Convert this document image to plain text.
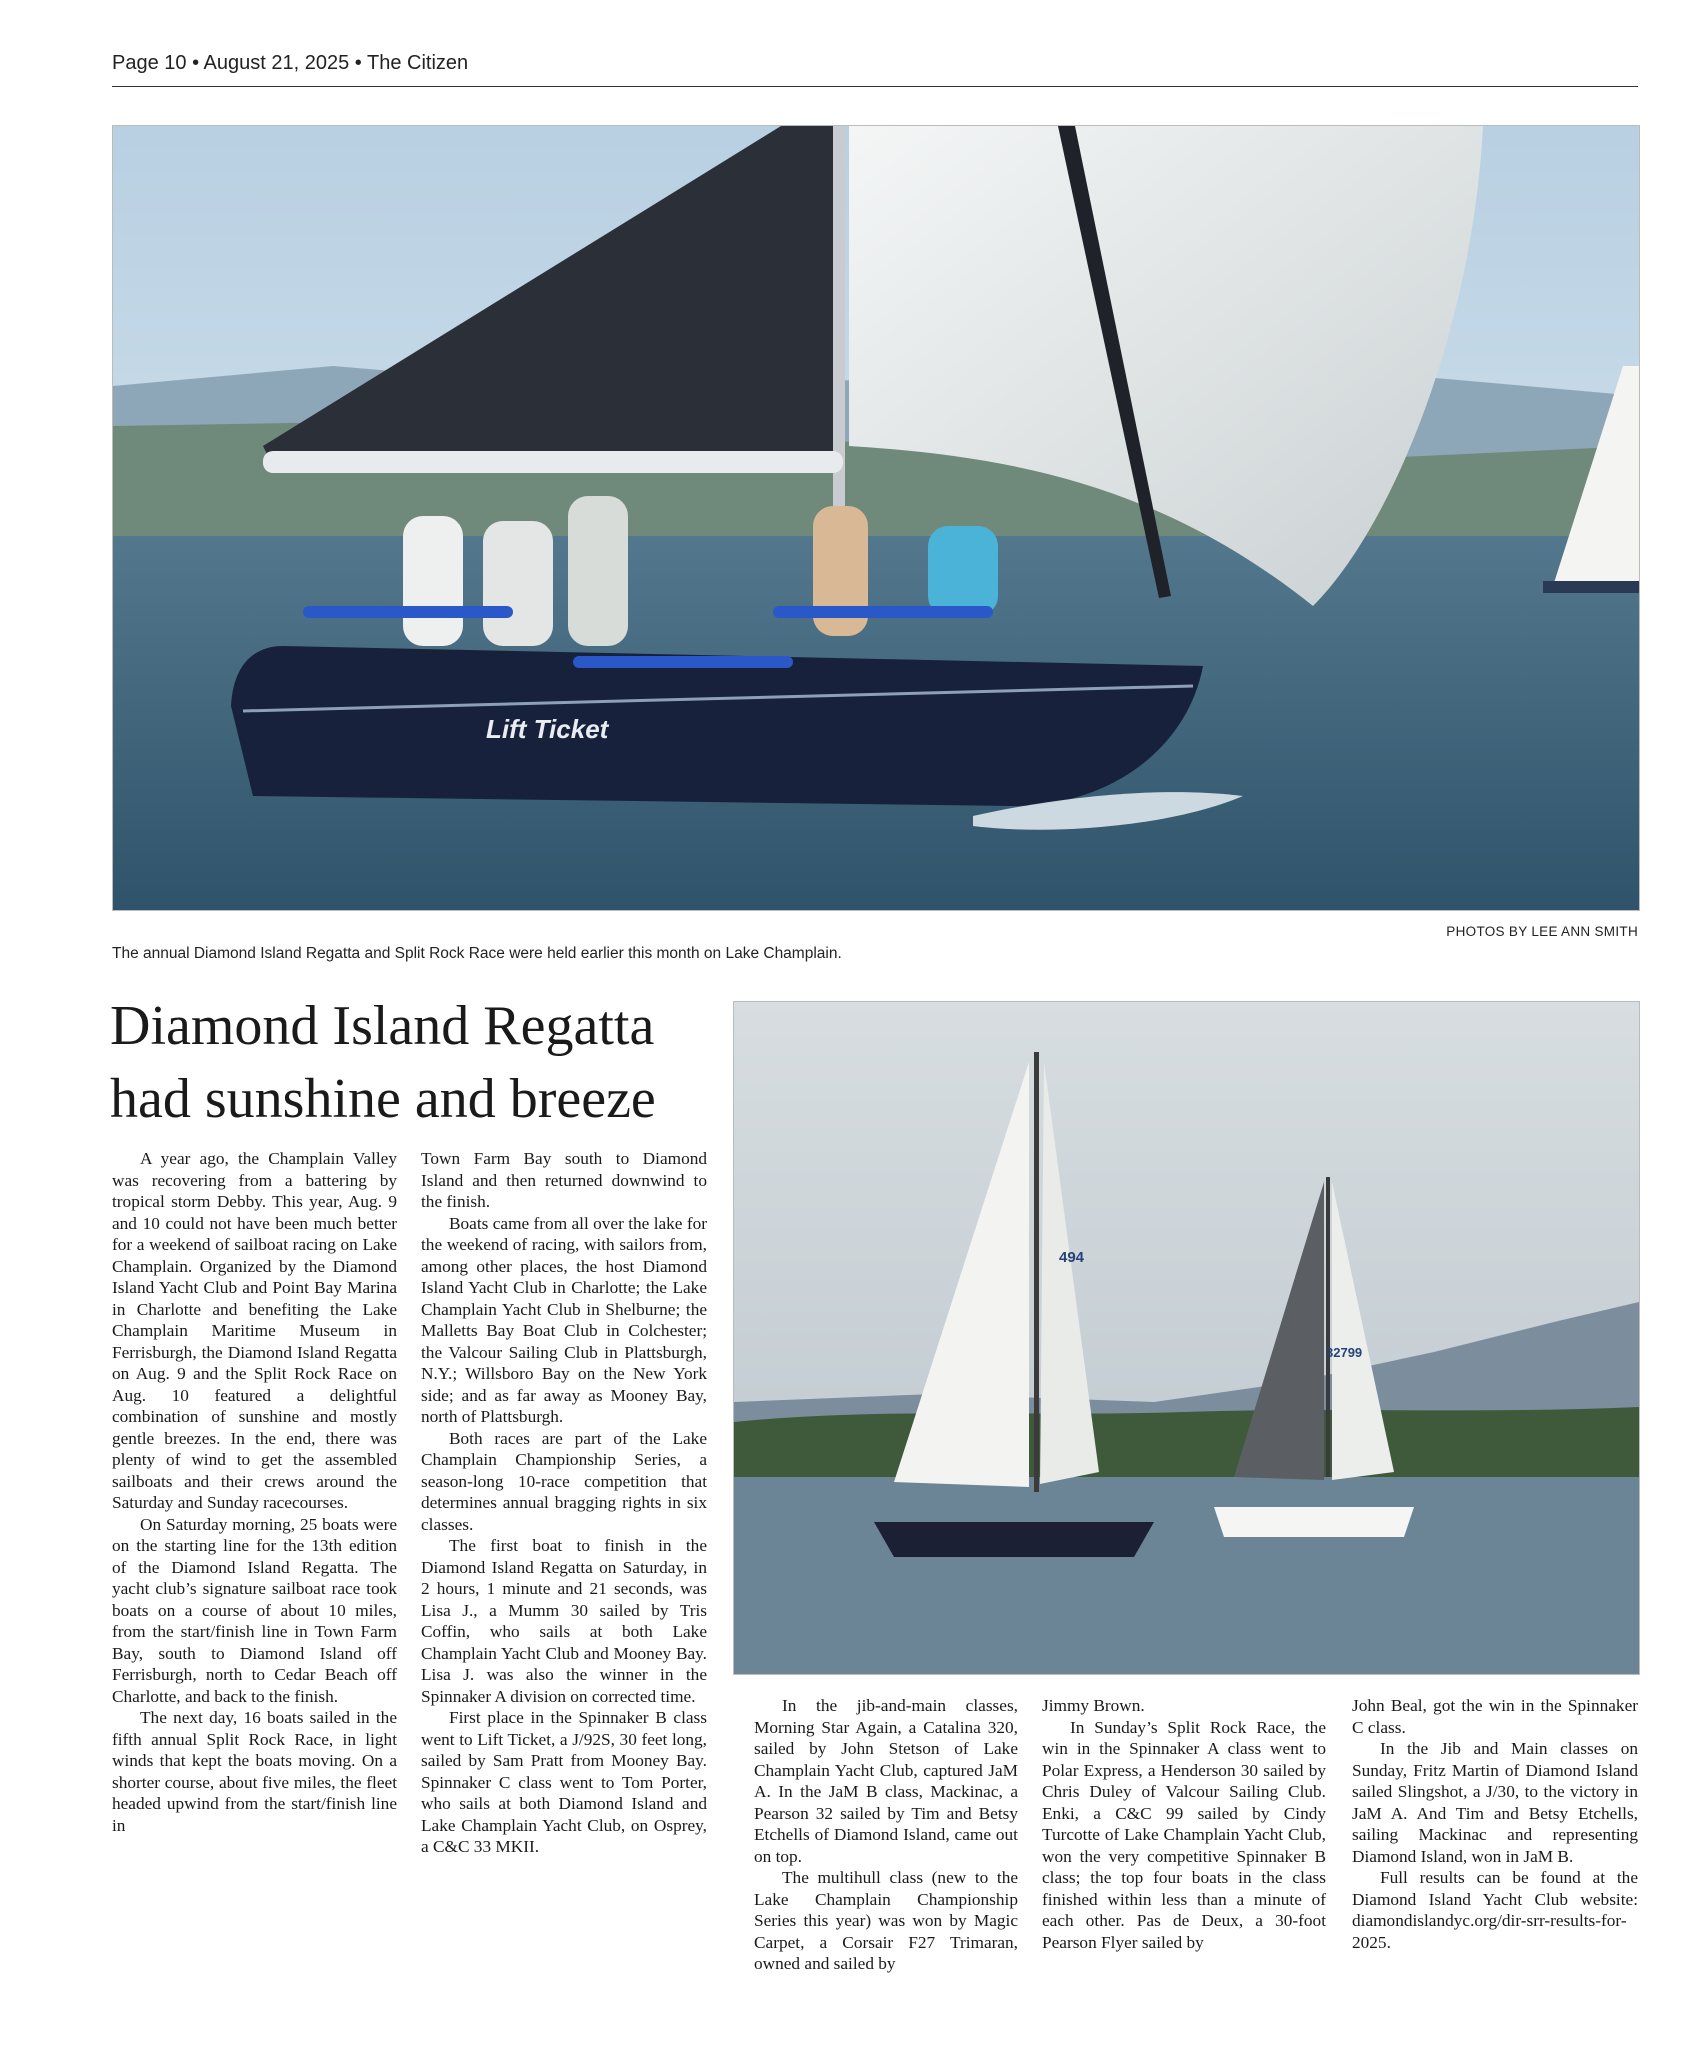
Page 10 • August 21, 2025 • The Citizen
Lift Ticket
PHOTOS BY LEE ANN SMITH
The annual Diamond Island Regatta and Split Rock Race were held earlier this month on Lake Champlain.
Diamond Island Regatta
had sunshine and breeze
494
32799

A year ago, the Champlain Valley was recovering from a battering by tropical storm Debby. This year, Aug. 9 and 10 could not have been much better for a weekend of sailboat racing on Lake Champlain. Organized by the Diamond Island Yacht Club and Point Bay Marina in Charlotte and benefiting the Lake Champlain Maritime Museum in Ferrisburgh, the Diamond Island Regatta on Aug. 9 and the Split Rock Race on Aug. 10 featured a delightful combination of sunshine and mostly gentle breezes. In the end, there was plenty of wind to get the assembled sailboats and their crews around the Saturday and Sunday racecourses.

On Saturday morning, 25 boats were on the starting line for the 13th edition of the Diamond Island Regatta. The yacht club’s signature sailboat race took boats on a course of about 10 miles, from the start/finish line in Town Farm Bay, south to Diamond Island off Ferrisburgh, north to Cedar Beach off Charlotte, and back to the finish.

The next day, 16 boats sailed in the fifth annual Split Rock Race, in light winds that kept the boats moving. On a shorter course, about five miles, the fleet headed upwind from the start/finish line in

Town Farm Bay south to Diamond Island and then returned downwind to the finish.

Boats came from all over the lake for the weekend of racing, with sailors from, among other places, the host Diamond Island Yacht Club in Charlotte; the Lake Champlain Yacht Club in Shelburne; the Malletts Bay Boat Club in Colchester; the Valcour Sailing Club in Plattsburgh, N.Y.; Willsboro Bay on the New York side; and as far away as Mooney Bay, north of Plattsburgh.

Both races are part of the Lake Champlain Championship Series, a season-long 10-race competition that determines annual bragging rights in six classes.

The first boat to finish in the Diamond Island Regatta on Saturday, in 2 hours, 1 minute and 21 seconds, was Lisa J., a Mumm 30 sailed by Tris Coffin, who sails at both Lake Champlain Yacht Club and Mooney Bay. Lisa J. was also the winner in the Spinnaker A division on corrected time.

First place in the Spinnaker B class went to Lift Ticket, a J/92S, 30 feet long, sailed by Sam Pratt from Mooney Bay. Spinnaker C class went to Tom Porter, who sails at both Diamond Island and Lake Champlain Yacht Club, on Osprey, a C&C 33 MKII.

In the jib-and-main classes, Morning Star Again, a Catalina 320, sailed by John Stetson of Lake Champlain Yacht Club, captured JaM A. In the JaM B class, Mackinac, a Pearson 32 sailed by Tim and Betsy Etchells of Diamond Island, came out on top.

The multihull class (new to the Lake Champlain Championship Series this year) was won by Magic Carpet, a Corsair F27 Trimaran, owned and sailed by

Jimmy Brown.

In Sunday’s Split Rock Race, the win in the Spinnaker A class went to Polar Express, a Henderson 30 sailed by Chris Duley of Valcour Sailing Club. Enki, a C&C 99 sailed by Cindy Turcotte of Lake Champlain Yacht Club, won the very competitive Spinnaker B class; the top four boats in the class finished within less than a minute of each other. Pas de Deux, a 30-foot Pearson Flyer sailed by

John Beal, got the win in the Spinnaker C class.

In the Jib and Main classes on Sunday, Fritz Martin of Diamond Island sailed Slingshot, a J/30, to the victory in JaM A. And Tim and Betsy Etchells, sailing Mackinac and representing Diamond Island, won in JaM B.

Full results can be found at the Diamond Island Yacht Club website: diamondislandyc.org/dir-srr-results-for-2025.
